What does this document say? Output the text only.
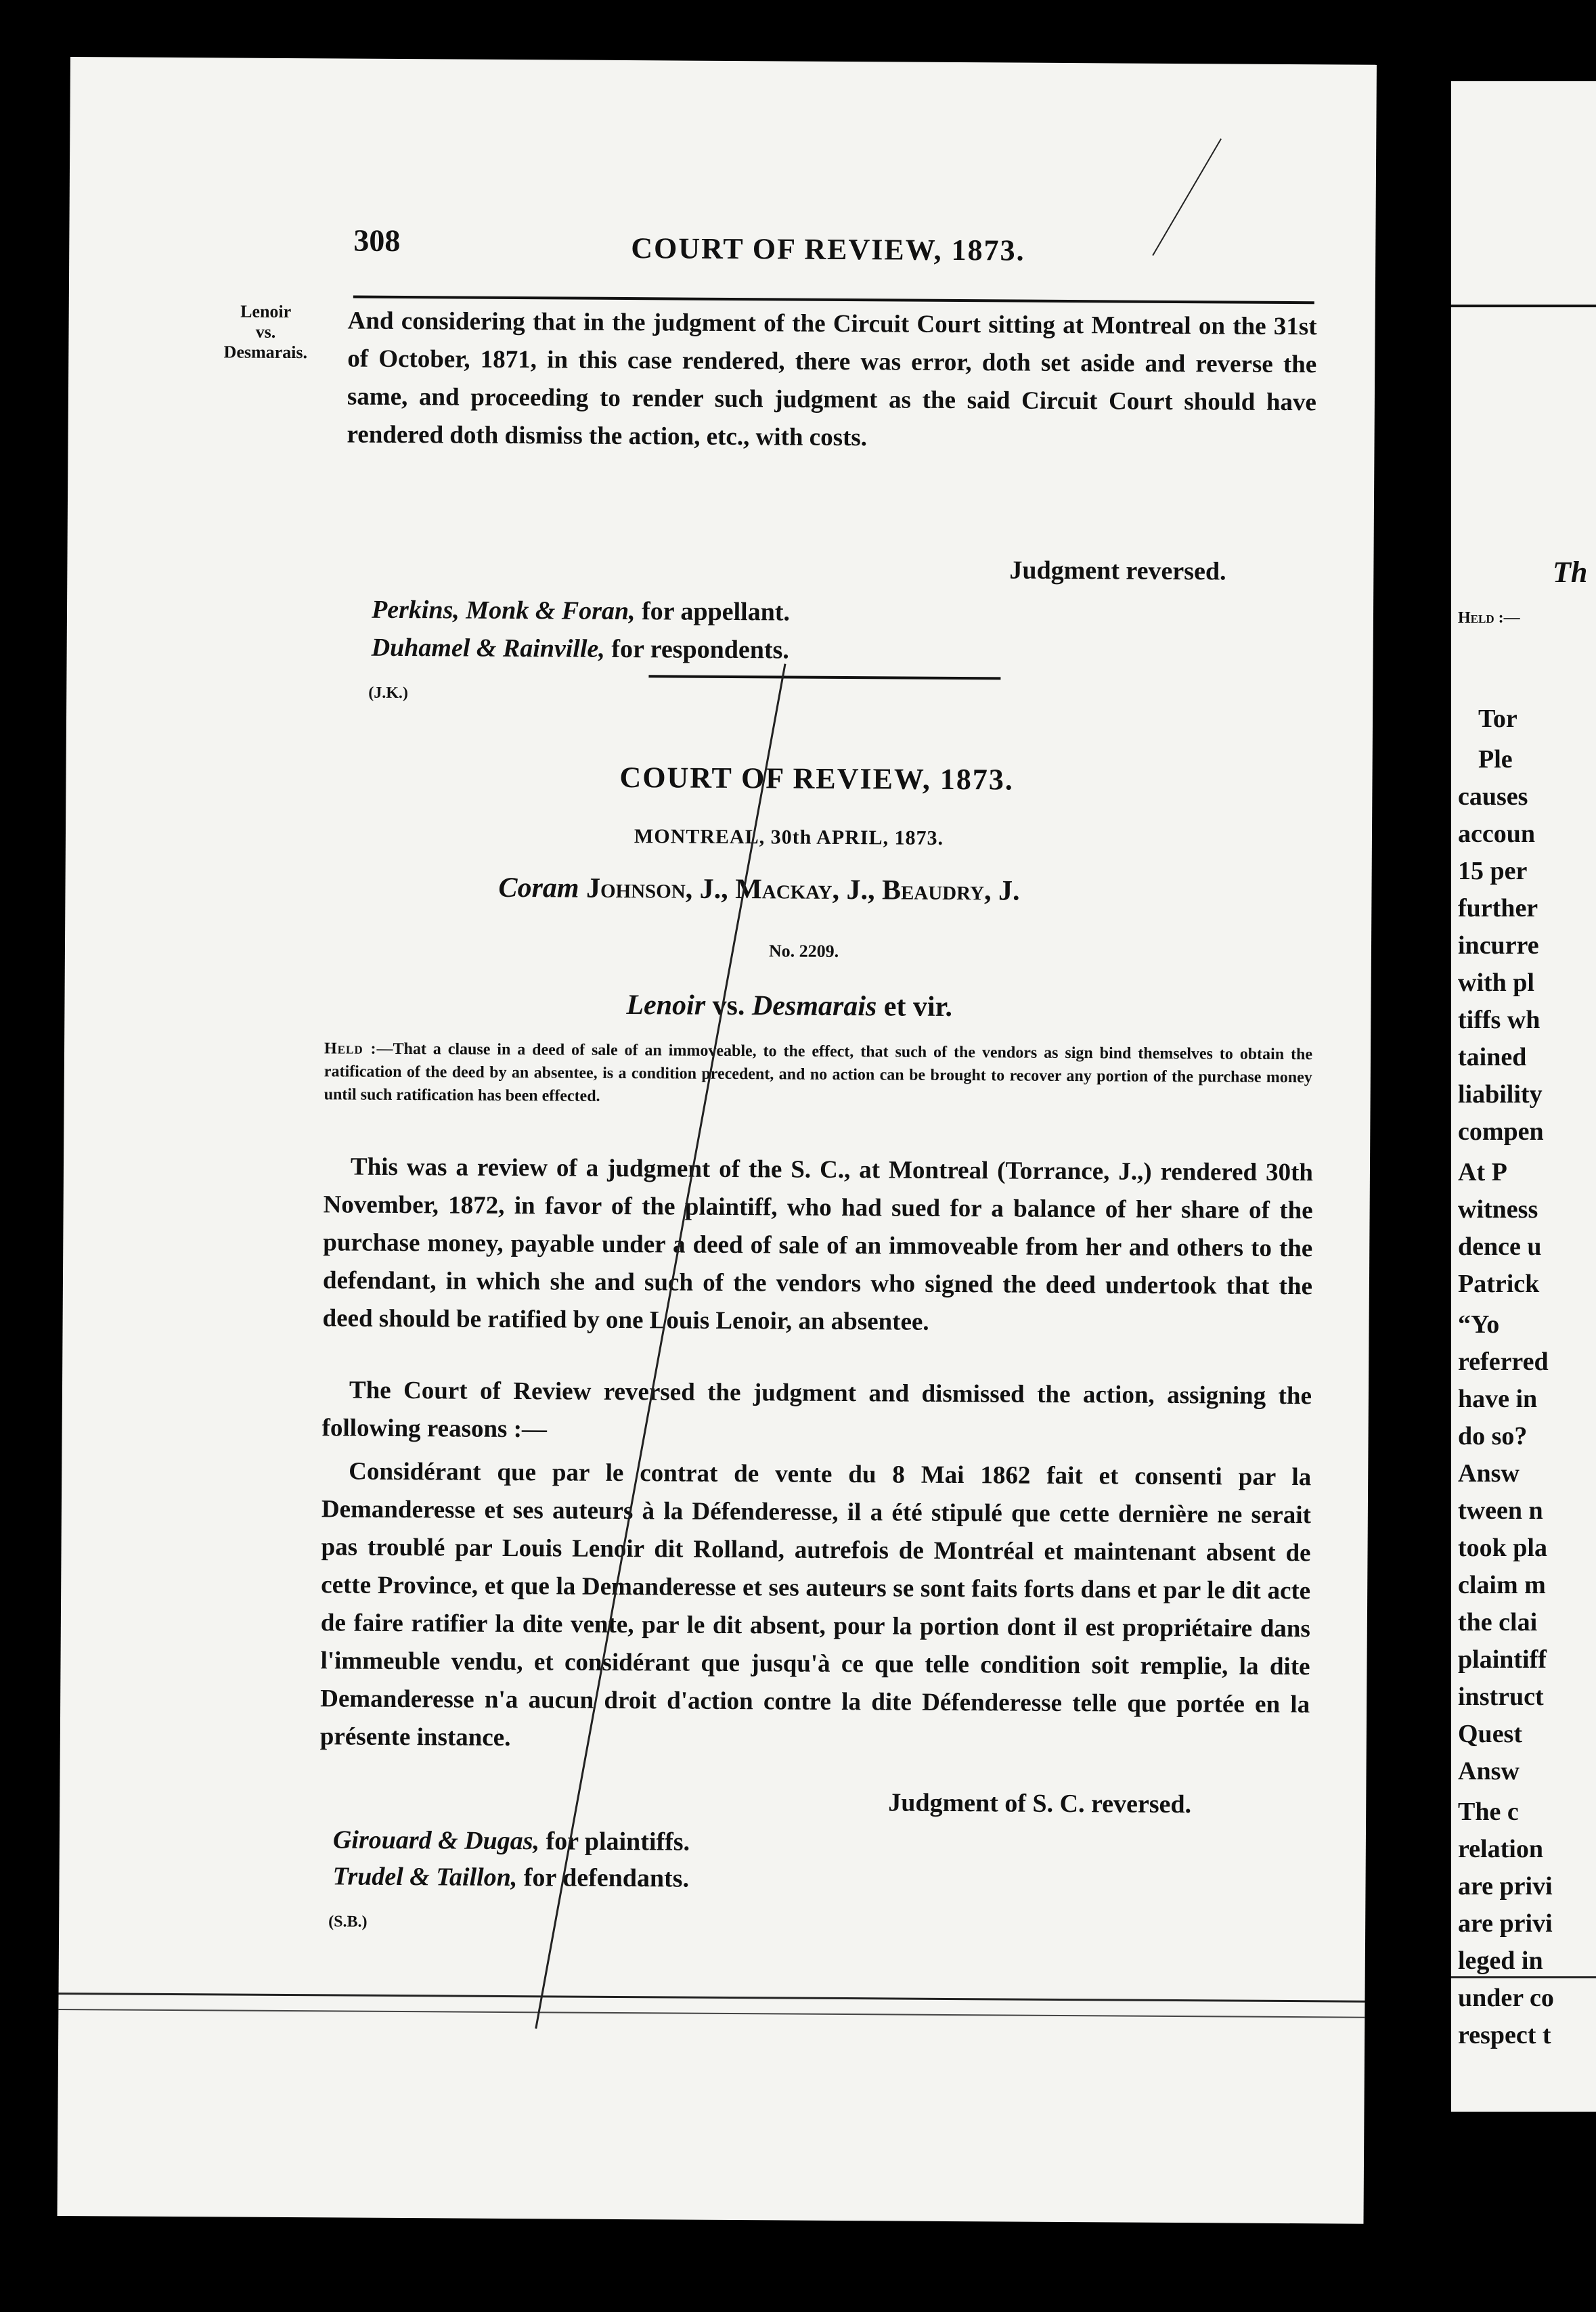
308	COURT OF REVIEW, 1873.
Lenoir
vs.
Desmarais.
And considering that in the judgment of the Circuit Court sitting at Montreal on the 31st of October, 1871, in this case rendered, there was error, doth set aside and reverse the same, and proceeding to render such judgment as the said Circuit Court should have rendered doth dismiss the action, etc., with costs.
Judgment reversed.
Perkins, Monk & Foran, for appellant.
Duhamel & Rainville, for respondents.
(J.K.)
COURT OF REVIEW, 1873.
MONTREAL, 30th APRIL, 1873.
Coram Johnson, J., Mackay, J., Beaudry, J.
No. 2209.
Lenoir vs. Desmarais et vir.
Held :—That a clause in a deed of sale of an immoveable, to the effect, that such of the vendors as sign bind themselves to obtain the ratification of the deed by an absentee, is a condition precedent, and no action can be brought to recover any portion of the purchase money until such ratification has been effected.
This was a review of a judgment of the S. C., at Montreal (Torrance, J.,) rendered 30th November, 1872, in favor of the plaintiff, who had sued for a balance of her share of the purchase money, payable under a deed of sale of an immoveable from her and others to the defendant, in which she and such of the vendors who signed the deed undertook that the deed should be ratified by one Louis Lenoir, an absentee.
The Court of Review reversed the judgment and dismissed the action, assigning the following reasons :—
Considérant que par le contrat de vente du 8 Mai 1862 fait et consenti par la Demanderesse et ses auteurs à la Défenderesse, il a été stipulé que cette dernière ne serait pas troublé par Louis Lenoir dit Rolland, autrefois de Montréal et maintenant absent de cette Province, et que la Demanderesse et ses auteurs se sont faits forts dans et par le dit acte de faire ratifier la dite vente, par le dit absent, pour la portion dont il est propriétaire dans l'immeuble vendu, et considérant que jusqu'à ce que telle condition soit remplie, la dite Demanderesse n'a aucun droit d'action contre la dite Défenderesse telle que portée en la présente instance.
Judgment of S. C. reversed.
Girouard & Dugas, for plaintiffs.
Trudel & Taillon, for defendants.
(S.B.)
Th
Held :—
Tor
Ple
causes
accoun
15 per
further
incurre
with pl
tiffs wh
tained
liability
compen
At P
witness
dence u
Patrick
“Yo
referred
have in
do so?
Answ
tween n
took pla
claim m
the clai
plaintiff
instruct
Quest
Answ
The c
relation
are privi
are privi
leged in
under co
respect t
